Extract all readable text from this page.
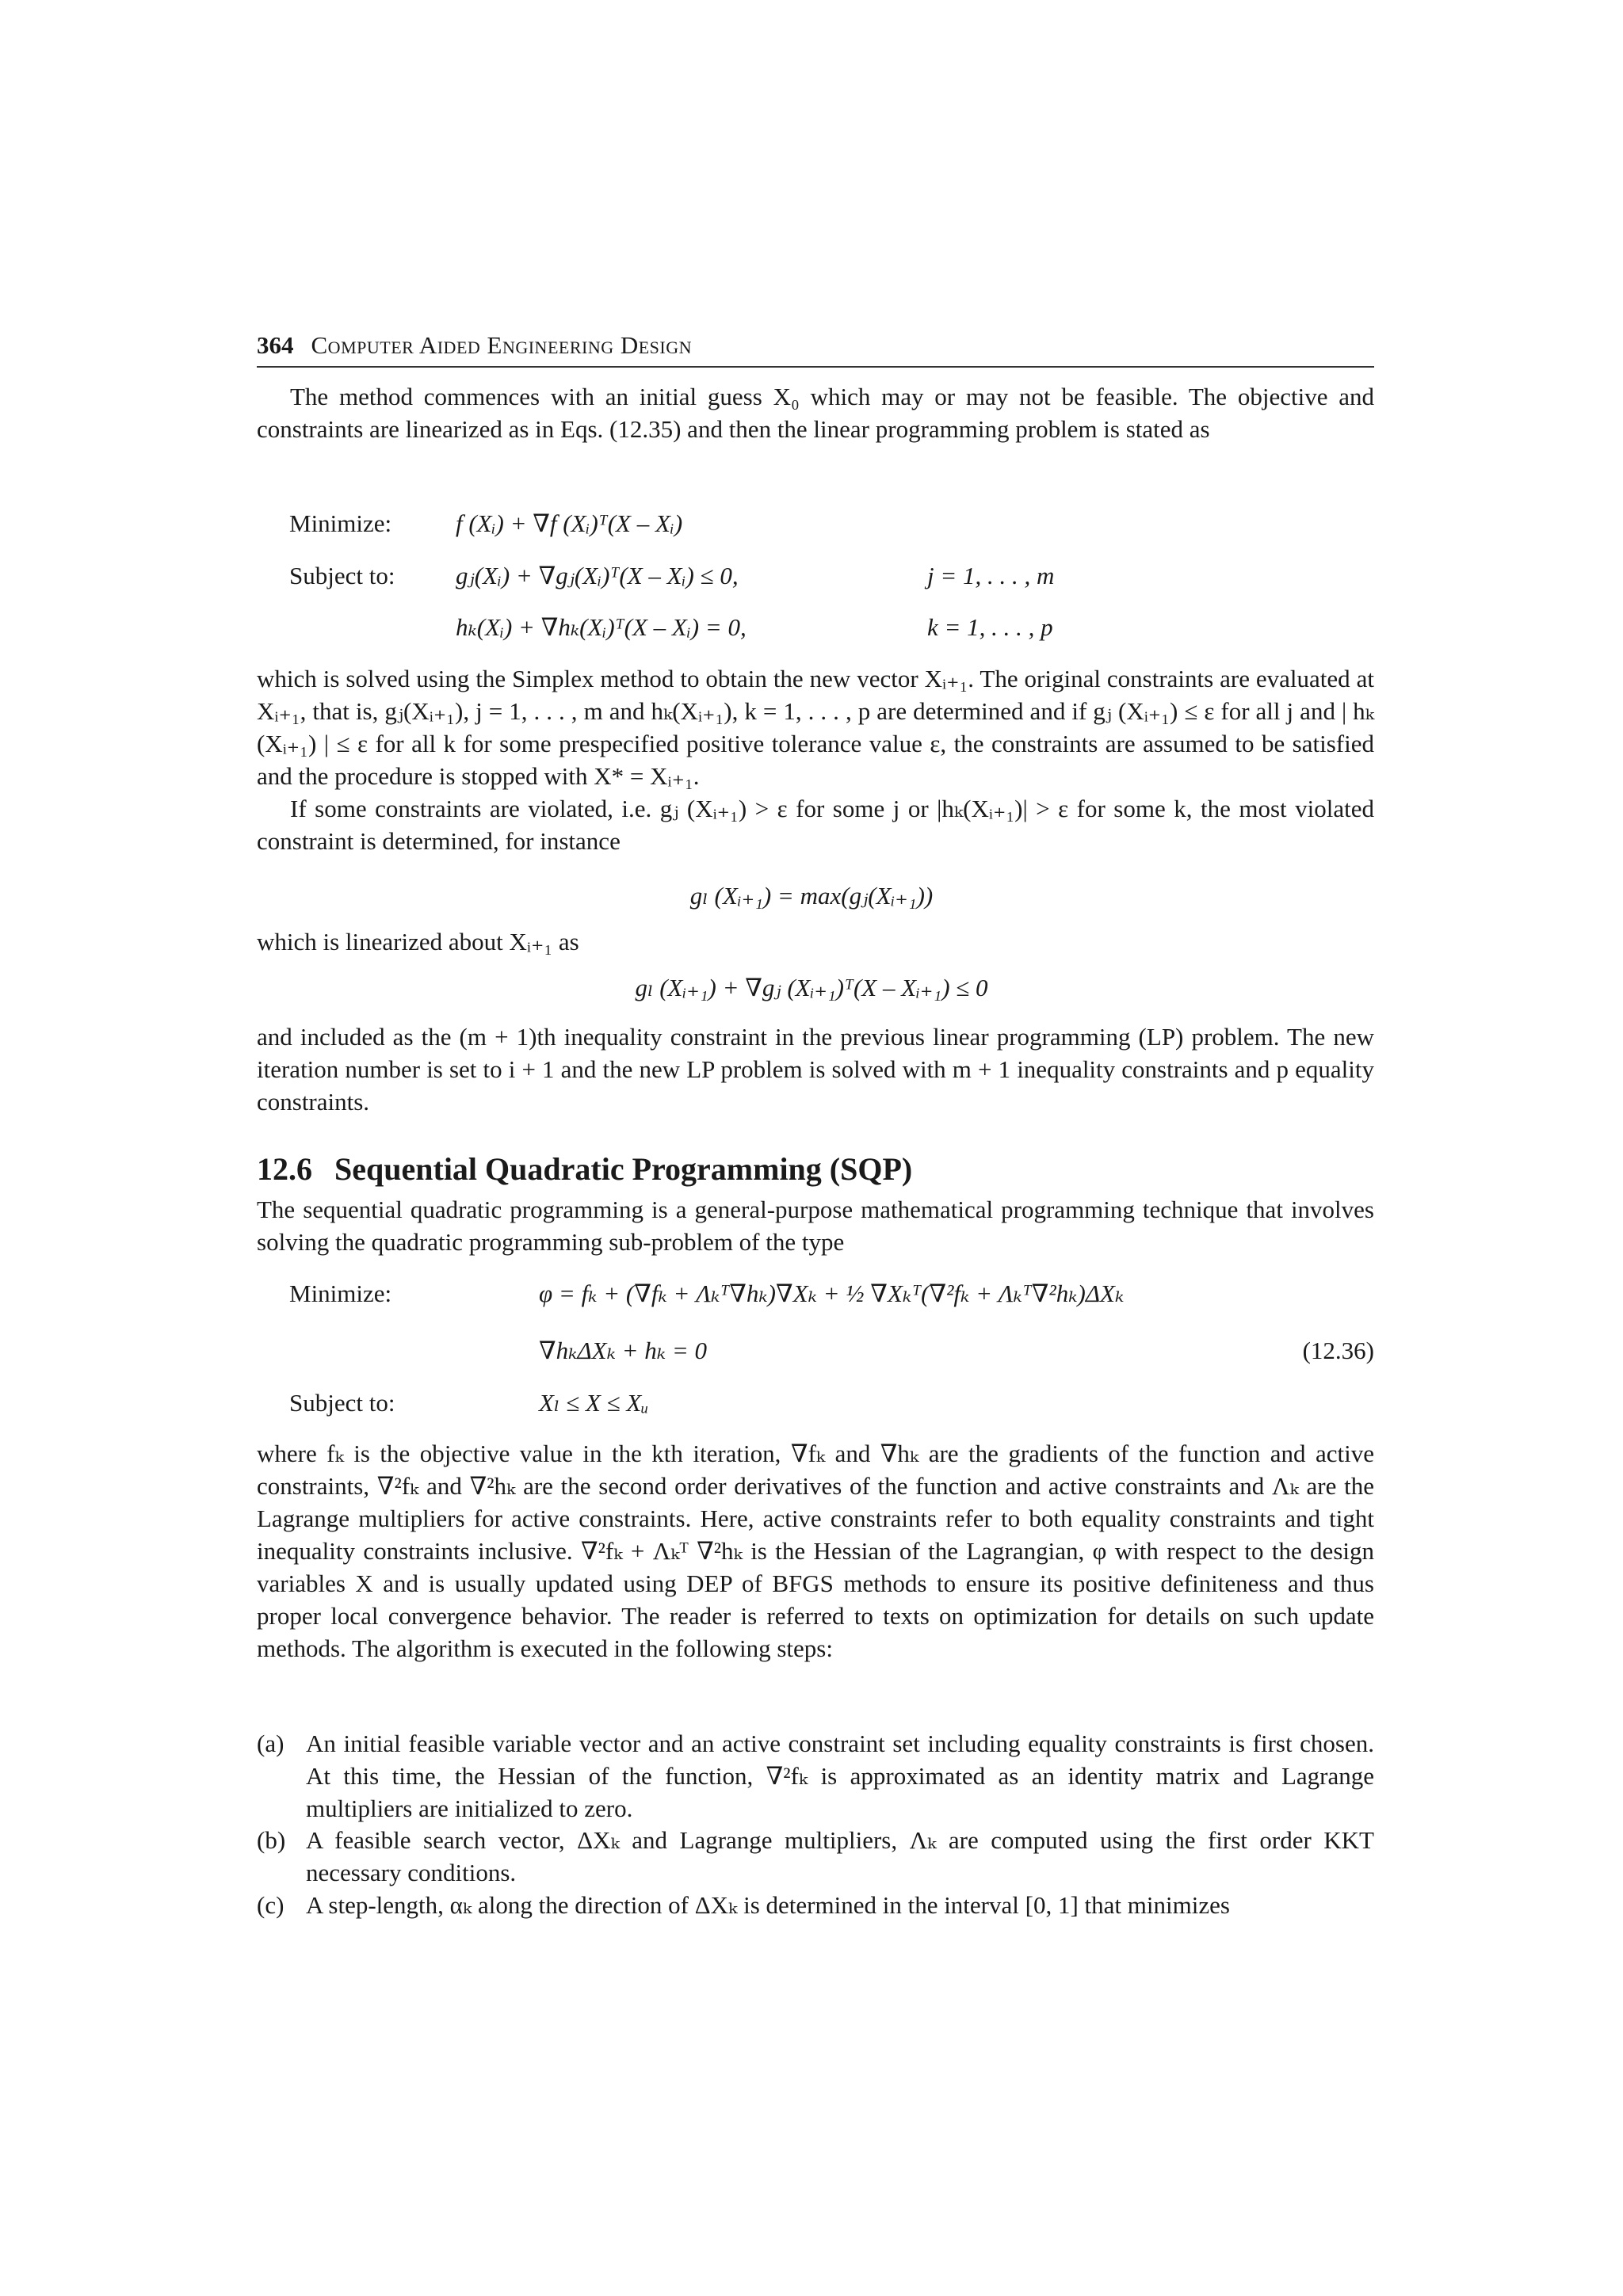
364 Computer Aided Engineering Design

The method commences with an initial guess X₀ which may or may not be feasible. The objective and constraints are linearized as in Eqs. (12.35) and then the linear programming problem is stated as

Minimize:	f (Xᵢ) + ∇f (Xᵢ)ᵀ(X – Xᵢ)
Subject to: gⱼ(Xᵢ) + ∇gⱼ(Xᵢ)ᵀ(X – Xᵢ) ≤ 0,	j = 1, . . . , m
hₖ(Xᵢ) + ∇hₖ(Xᵢ)ᵀ(X – Xᵢ) = 0,	k = 1, . . . , p

which is solved using the Simplex method to obtain the new vector Xᵢ₊₁. The original constraints are evaluated at Xᵢ₊₁, that is, gⱼ(Xᵢ₊₁), j = 1, . . . , m and hₖ(Xᵢ₊₁), k = 1, . . . , p are determined and if gⱼ (Xᵢ₊₁) ≤ ε for all j and | hₖ (Xᵢ₊₁) | ≤ ε for all k for some prespecified positive tolerance value ε, the constraints are assumed to be satisfied and the procedure is stopped with X* = Xᵢ₊₁.

If some constraints are violated, i.e. gⱼ (Xᵢ₊₁) > ε for some j or |hₖ(Xᵢ₊₁)| > ε for some k, the most violated constraint is determined, for instance

gₗ (Xᵢ₊₁) = max(gⱼ(Xᵢ₊₁))

which is linearized about Xᵢ₊₁ as

gₗ (Xᵢ₊₁) + ∇gⱼ (Xᵢ₊₁)ᵀ(X – Xᵢ₊₁) ≤ 0

and included as the (m + 1)th inequality constraint in the previous linear programming (LP) problem. The new iteration number is set to i + 1 and the new LP problem is solved with m + 1 inequality constraints and p equality constraints.

12.6 Sequential Quadratic Programming (SQP)

The sequential quadratic programming is a general-purpose mathematical programming technique that involves solving the quadratic programming sub-problem of the type

Minimize:	φ = fₖ + (∇fₖ + Λₖᵀ∇hₖ)∇Xₖ + ½ ∇Xₖᵀ(∇²fₖ + Λₖᵀ∇²hₖ)ΔXₖ
∇hₖΔXₖ + hₖ = 0	(12.36)
Subject to:	Xₗ ≤ X ≤ Xᵤ

where fₖ is the objective value in the kth iteration, ∇fₖ and ∇hₖ are the gradients of the function and active constraints, ∇²fₖ and ∇²hₖ are the second order derivatives of the function and active constraints and Λₖ are the Lagrange multipliers for active constraints. Here, active constraints refer to both equality constraints and tight inequality constraints inclusive. ∇²fₖ + Λₖᵀ ∇²hₖ is the Hessian of the Lagrangian, φ with respect to the design variables X and is usually updated using DEP of BFGS methods to ensure its positive definiteness and thus proper local convergence behavior. The reader is referred to texts on optimization for details on such update methods. The algorithm is executed in the following steps:

(a) An initial feasible variable vector and an active constraint set including equality constraints is first chosen. At this time, the Hessian of the function, ∇²fₖ is approximated as an identity matrix and Lagrange multipliers are initialized to zero.
(b) A feasible search vector, ΔXₖ and Lagrange multipliers, Λₖ are computed using the first order KKT necessary conditions.
(c) A step-length, αₖ along the direction of ΔXₖ is determined in the interval [0, 1] that minimizes
